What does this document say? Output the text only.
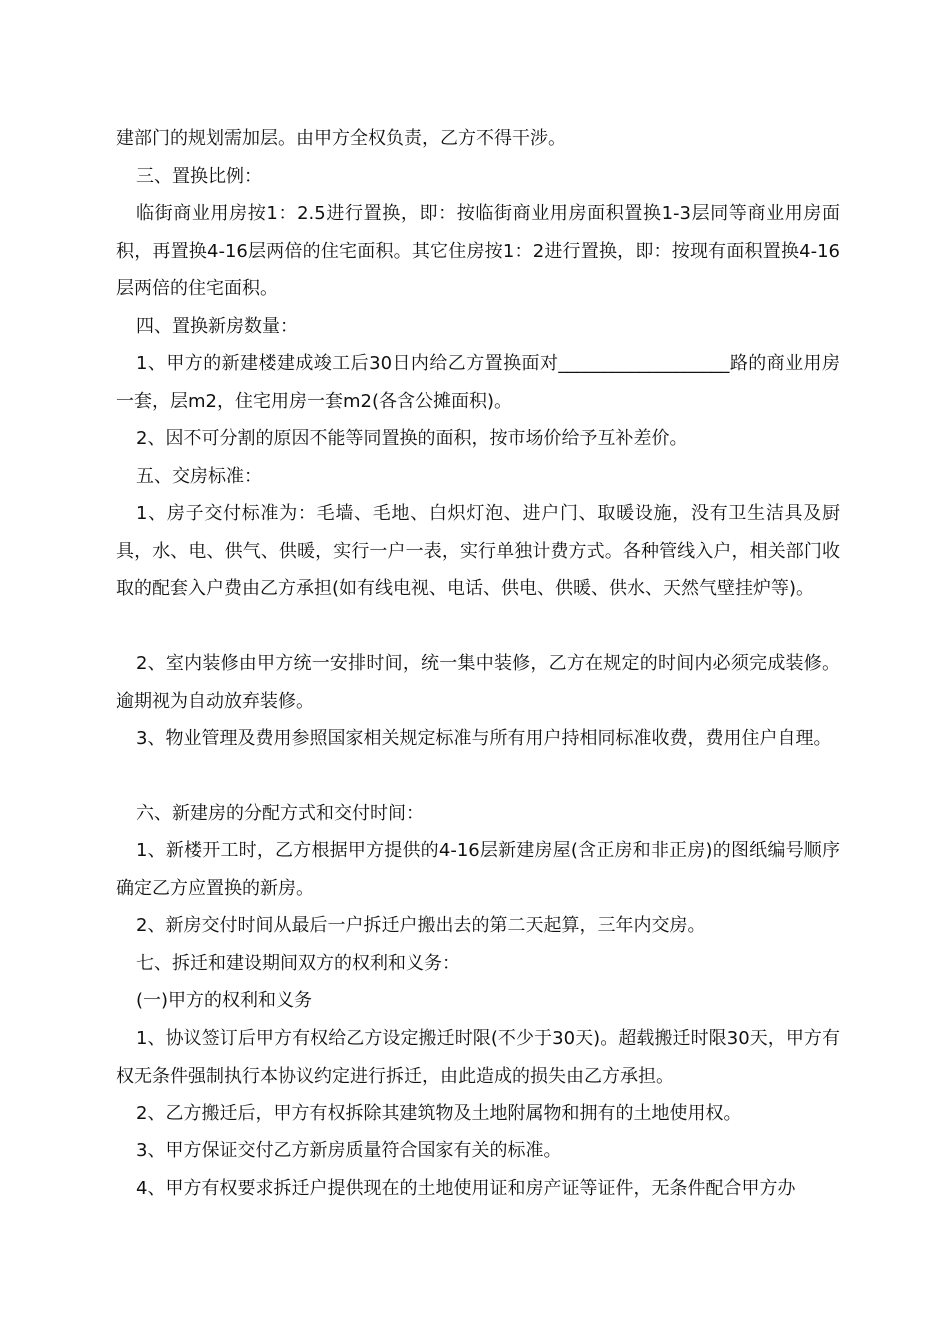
建部门的规划需加层。由甲方全权负责，乙方不得干涉。

三、置换比例：

临街商业用房按1：2.5进行置换，即：按临街商业用房面积置换1-3层同等商业用房面积，再置换4-16层两倍的住宅面积。其它住房按1：2进行置换，即：按现有面积置换4-16层两倍的住宅面积。

四、置换新房数量：

1、甲方的新建楼建成竣工后30日内给乙方置换面对___________________路的商业用房一套，层m2，住宅用房一套m2(各含公摊面积)。

2、因不可分割的原因不能等同置换的面积，按市场价给予互补差价。

五、交房标准：

1、房子交付标准为：毛墙、毛地、白炽灯泡、进户门、取暖设施，没有卫生洁具及厨具，水、电、供气、供暖，实行一户一表，实行单独计费方式。各种管线入户，相关部门收取的配套入户费由乙方承担(如有线电视、电话、供电、供暖、供水、天然气壁挂炉等)。

2、室内装修由甲方统一安排时间，统一集中装修，乙方在规定的时间内必须完成装修。逾期视为自动放弃装修。

3、物业管理及费用参照国家相关规定标准与所有用户持相同标准收费，费用住户自理。

六、新建房的分配方式和交付时间：

1、新楼开工时，乙方根据甲方提供的4-16层新建房屋(含正房和非正房)的图纸编号顺序确定乙方应置换的新房。

2、新房交付时间从最后一户拆迁户搬出去的第二天起算，三年内交房。

七、拆迁和建设期间双方的权利和义务：

(一)甲方的权利和义务

1、协议签订后甲方有权给乙方设定搬迁时限(不少于30天)。超载搬迁时限30天，甲方有权无条件强制执行本协议约定进行拆迁，由此造成的损失由乙方承担。

2、乙方搬迁后，甲方有权拆除其建筑物及土地附属物和拥有的土地使用权。

3、甲方保证交付乙方新房质量符合国家有关的标准。

4、甲方有权要求拆迁户提供现在的土地使用证和房产证等证件，无条件配合甲方办
